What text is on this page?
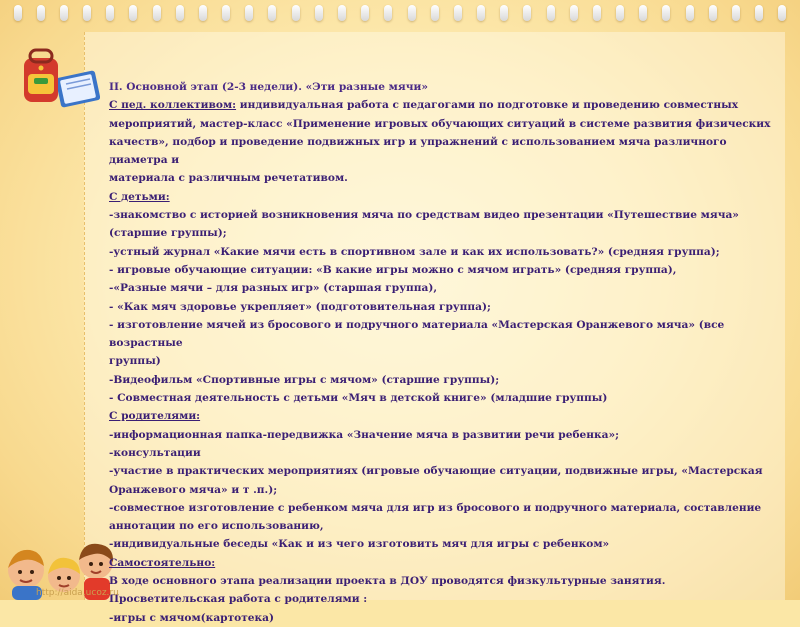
II. Основной этап (2-3 недели). «Эти разные мячи»

С пед. коллективом: индивидуальная работа с педагогами по подготовке и проведению совместных

мероприятий, мастер-класс «Применение игровых обучающих ситуаций в системе развития физических

качеств», подбор и проведение подвижных игр и упражнений с использованием мяча различного диаметра и

материала с различным речетативом.

С детьми:

-знакомство с историей возникновения мяча по средствам видео презентации «Путешествие мяча»

(старшие группы);

-устный журнал «Какие мячи есть в спортивном зале и как их использовать?» (средняя группа);

- игровые обучающие ситуации: «В какие игры можно с мячом играть» (средняя группа),

-«Разные мячи – для разных игр» (старшая группа),

- «Как мяч здоровье укрепляет» (подготовительная группа);

- изготовление мячей из бросового и подручного материала «Мастерская Оранжевого мяча» (все возрастные

группы)

-Видеофильм «Спортивные игры с мячом» (старшие группы);

- Совместная деятельность с детьми «Мяч в детской книге» (младшие группы)

С родителями:

-информационная папка-передвижка «Значение мяча в развитии речи ребенка»;

-консультации

-участие в практических мероприятиях (игровые обучающие ситуации, подвижные игры, «Мастерская

Оранжевого мяча» и т .п.);

-совместное изготовление с ребенком мяча для игр из бросового и подручного материала, составление

аннотации по его использованию,

-индивидуальные беседы «Как и из чего изготовить мяч для игры с ребенком»

Самостоятельно:

В ходе основного этапа реализации проекта в ДОУ проводятся физкультурные занятия.

Просветительская работа с родителями :

-игры с мячом(картотека)

http://aida.ucoz.ru
